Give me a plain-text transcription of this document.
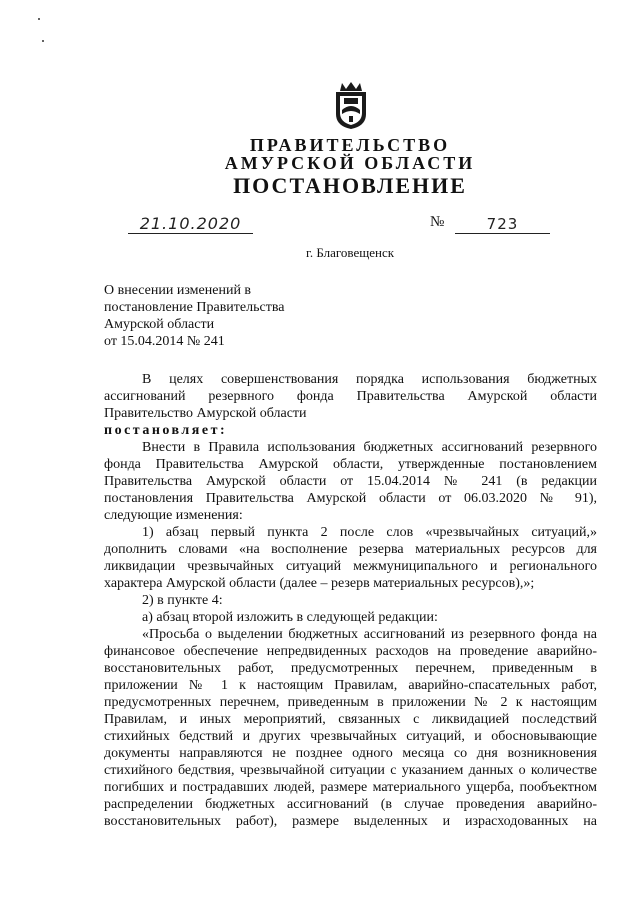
ПРАВИТЕЛЬСТВО
АМУРСКОЙ ОБЛАСТИ
ПОСТАНОВЛЕНИЕ
21.10.2020	№	723
г. Благовещенск
О внесении изменений в
постановление Правительства
Амурской области
от 15.04.2014 № 241
В целях совершенствования порядка использования бюджетных
ассигнований резервного фонда Правительства Амурской области
Правительство Амурской области
постановляет:
Внести в Правила использования бюджетных ассигнований резервного
фонда Правительства Амурской области, утвержденные постановлением
Правительства Амурской области от 15.04.2014 № 241 (в редакции
постановления Правительства Амурской области от 06.03.2020 № 91),
следующие изменения:
1) абзац первый пункта 2 после слов «чрезвычайных ситуаций,»
дополнить словами «на восполнение резерва материальных ресурсов для
ликвидации чрезвычайных ситуаций межмуниципального и регионального
характера Амурской области (далее – резерв материальных ресурсов),»;
2) в пункте 4:
а) абзац второй изложить в следующей редакции:
«Просьба о выделении бюджетных ассигнований из резервного фонда на
финансовое обеспечение непредвиденных расходов на проведение аварийно-
восстановительных работ, предусмотренных перечнем, приведенным в
приложении № 1 к настоящим Правилам, аварийно-спасательных работ,
предусмотренных перечнем, приведенным в приложении № 2 к настоящим
Правилам, и иных мероприятий, связанных с ликвидацией последствий
стихийных бедствий и других чрезвычайных ситуаций, и обосновывающие
документы направляются не позднее одного месяца со дня возникновения
стихийного бедствия, чрезвычайной ситуации с указанием данных о количестве
погибших и пострадавших людей, размере материального ущерба, пообъектном
распределении бюджетных ассигнований (в случае проведения аварийно-
восстановительных работ), размере выделенных и израсходованных на
